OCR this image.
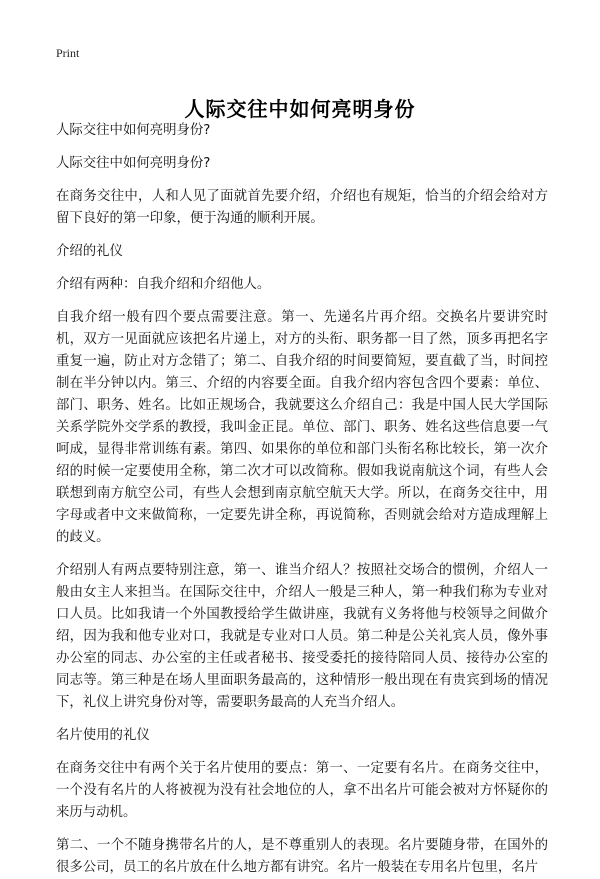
Print
人际交往中如何亮明身份

人际交往中如何亮明身份?

人际交往中如何亮明身份?

在商务交往中，人和人见了面就首先要介绍，介绍也有规矩，恰当的介绍会给对方留下良好的第一印象，便于沟通的顺利开展。

介绍的礼仪

介绍有两种：自我介绍和介绍他人。

自我介绍一般有四个要点需要注意。第一、先递名片再介绍。交换名片要讲究时机，双方一见面就应该把名片递上，对方的头衔、职务都一目了然，顶多再把名字重复一遍，防止对方念错了；第二、自我介绍的时间要简短，要直截了当，时间控制在半分钟以内。第三、介绍的内容要全面。自我介绍内容包含四个要素：单位、部门、职务、姓名。比如正规场合，我就要这么介绍自己：我是中国人民大学国际关系学院外交学系的教授，我叫金正昆。单位、部门、职务、姓名这些信息要一气呵成，显得非常训练有素。第四、如果你的单位和部门头衔名称比较长，第一次介绍的时候一定要使用全称，第二次才可以改简称。假如我说南航这个词，有些人会联想到南方航空公司，有些人会想到南京航空航天大学。所以，在商务交往中，用字母或者中文来做简称，一定要先讲全称，再说简称，否则就会给对方造成理解上的歧义。

介绍别人有两点要特别注意，第一、谁当介绍人？按照社交场合的惯例，介绍人一般由女主人来担当。在国际交往中，介绍人一般是三种人，第一种我们称为专业对口人员。比如我请一个外国教授给学生做讲座，我就有义务将他与校领导之间做介绍，因为我和他专业对口，我就是专业对口人员。第二种是公关礼宾人员，像外事办公室的同志、办公室的主任或者秘书、接受委托的接待陪同人员、接待办公室的同志等。第三种是在场人里面职务最高的，这种情形一般出现在有贵宾到场的情况下，礼仪上讲究身份对等，需要职务最高的人充当介绍人。

名片使用的礼仪

在商务交往中有两个关于名片使用的要点：第一、一定要有名片。在商务交往中，一个没有名片的人将被视为没有社会地位的人，拿不出名片可能会被对方怀疑你的来历与动机。

第二、一个不随身携带名片的人，是不尊重别人的表现。名片要随身带，在国外的很多公司，员工的名片放在什么地方都有讲究。名片一般装在专用名片包里，名片
